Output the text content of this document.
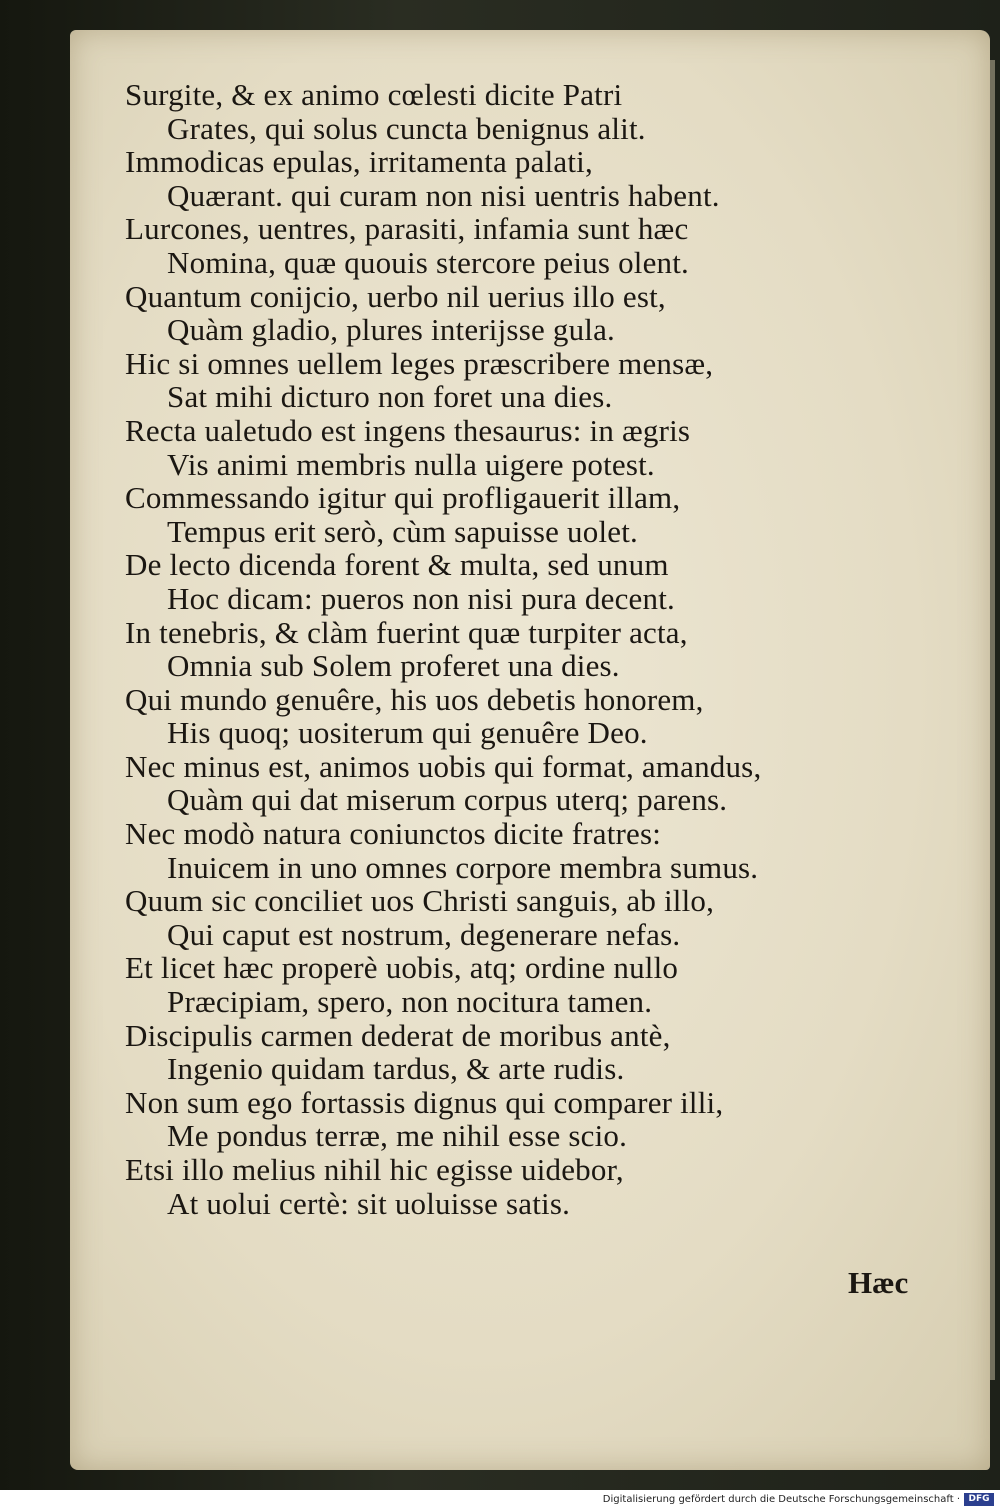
Surgite, & ex animo cœlesti dicite Patri
Grates, qui solus cuncta benignus alit.
Immodicas epulas, irritamenta palati,
Quærant. qui curam non nisi uentris habent.
Lurcones, uentres, parasiti, infamia sunt hæc
Nomina, quæ quouis stercore peius olent.
Quantum conijcio, uerbo nil uerius illo est,
Quàm gladio, plures interijsse gula.
Hic si omnes uellem leges præscribere mensæ,
Sat mihi dicturo non foret una dies.
Recta ualetudo est ingens thesaurus: in ægris
Vis animi membris nulla uigere potest.
Commessando igitur qui profligauerit illam,
Tempus erit serò, cùm sapuisse uolet.
De lecto dicenda forent & multa, sed unum
Hoc dicam: pueros non nisi pura decent.
In tenebris, & clàm fuerint quæ turpiter acta,
Omnia sub Solem proferet una dies.
Qui mundo genuêre, his uos debetis honorem,
His quoq; uositerum qui genuêre Deo.
Nec minus est, animos uobis qui format, amandus,
Quàm qui dat miserum corpus uterq; parens.
Nec modò natura coniunctos dicite fratres:
Inuicem in uno omnes corpore membra sumus.
Quum sic conciliet uos Christi sanguis, ab illo,
Qui caput est nostrum, degenerare nefas.
Et licet hæc properè uobis, atq; ordine nullo
Præcipiam, spero, non nocitura tamen.
Discipulis carmen dederat de moribus antè,
Ingenio quidam tardus, & arte rudis.
Non sum ego fortassis dignus qui comparer illi,
Me pondus terræ, me nihil esse scio.
Etsi illo melius nihil hic egisse uidebor,
At uolui certè: sit uoluisse satis.
Hæc
Digitalisierung gefördert durch die Deutsche Forschungsgemeinschaft · DFG
